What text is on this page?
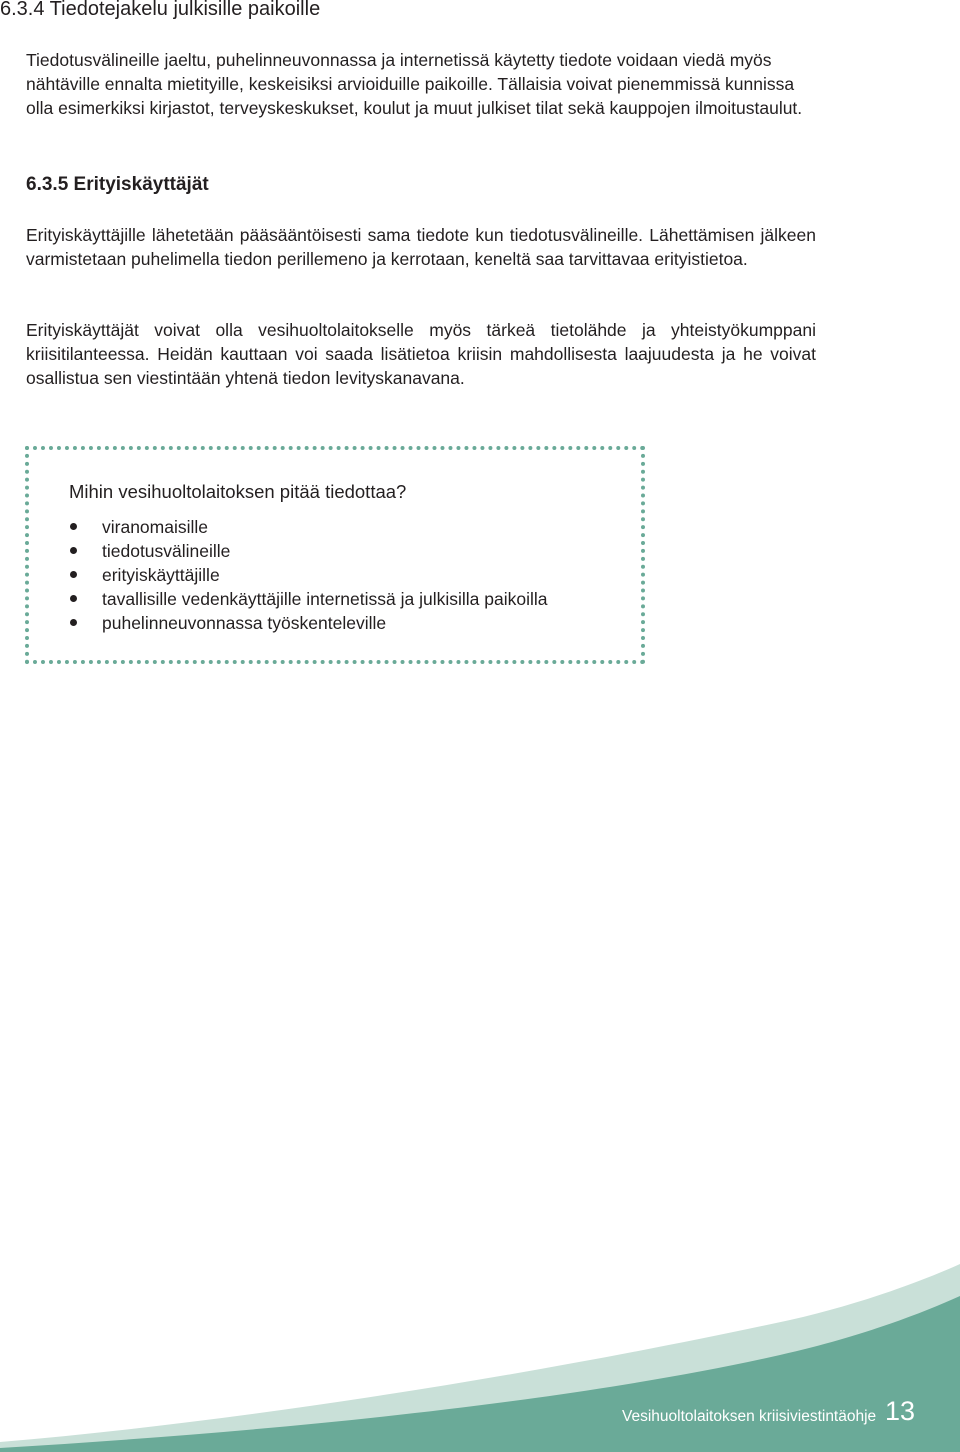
6.3.4 Tiedotejakelu julkisille paikoille

Tiedotusvälineille jaeltu, puhelinneuvonnassa ja internetissä käytetty tiedote voidaan viedä myös nähtäville ennalta mietityille, keskeisiksi arvioiduille paikoille. Tällaisia voivat pienemmissä kunnissa olla esimerkiksi kirjastot, terveyskeskukset, koulut ja muut julkiset tilat sekä kauppojen ilmoitustaulut.

6.3.5 Erityiskäyttäjät

Erityiskäyttäjille lähetetään pääsääntöisesti sama tiedote kun tiedotusvälineille. Lähettämisen jälkeen varmistetaan puhelimella tiedon perillemeno ja kerrotaan, keneltä saa tarvittavaa erityistietoa.

Erityiskäyttäjät voivat olla vesihuoltolaitokselle myös tärkeä tietolähde ja yhteistyökumppani kriisitilanteessa. Heidän kauttaan voi saada lisätietoa kriisin mahdollisesta laajuudesta ja he voivat osallistua sen viestintään yhtenä tiedon levityskanavana.

Mihin vesihuoltolaitoksen pitää tiedottaa?
viranomaisille
tiedotusvälineille
erityiskäyttäjille
tavallisille vedenkäyttäjille internetissä ja julkisilla paikoilla
puhelinneuvonnassa työskenteleville
Vesihuoltolaitoksen kriisiviestintäohje 13
